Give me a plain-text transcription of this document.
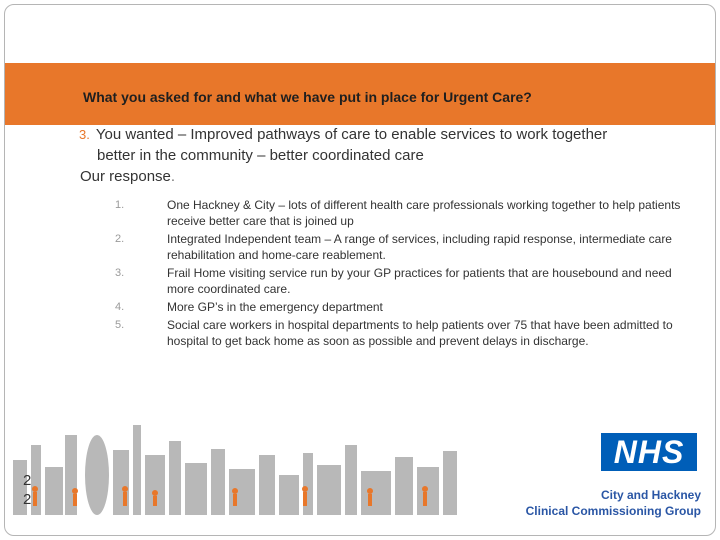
What you asked for and what we have put in place for Urgent Care?
3. You wanted – Improved pathways of care to enable services to work together
better in the community – better coordinated care
Our response.
1.	One Hackney & City – lots of different health care professionals working together to help patients receive better care that is joined up
2.	Integrated Independent team – A range of services, including rapid response, intermediate care rehabilitation and home-care reablement.
3.	Frail Home visiting service run by your GP practices for patients that are housebound and need more coordinated care.
4.	More GP’s in the emergency department
5.	Social care workers in hospital departments to help patients over 75 that have been admitted to hospital to get back home as soon as possible and prevent delays in discharge.
2
2
NHS
City and Hackney
Clinical Commissioning Group
